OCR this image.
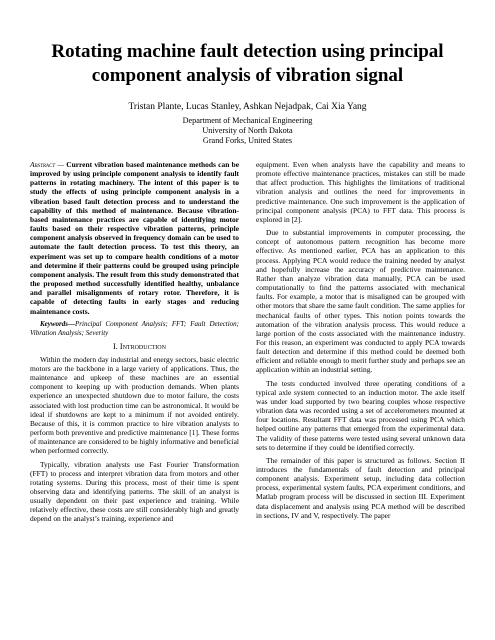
Rotating machine fault detection using principal component analysis of vibration signal
Tristan Plante, Lucas Stanley, Ashkan Nejadpak, Cai Xia Yang
Department of Mechanical Engineering
University of North Dakota
Grand Forks, United States

Abstract — Current vibration based maintenance methods can be improved by using principle component analysis to identify fault patterns in rotating machinery. The intent of this paper is to study the effects of using principle component analysis in a vibration based fault detection process and to understand the capability of this method of maintenance. Because vibration-based maintenance practices are capable of identifying motor faults based on their respective vibration patterns, principle component analysis observed in frequency domain can be used to automate the fault detection process. To test this theory, an experiment was set up to compare health conditions of a motor and determine if their patterns could be grouped using principle component analysis. The result from this study demonstrated that the proposed method successfully identified healthy, unbalance and parallel misalignments of rotary rotor. Therefore, it is capable of detecting faults in early stages and reducing maintenance costs.

Keywords—Principal Component Analysis; FFT; Fault Detection; Vibration Analysis; Severity

I. Introduction

Within the modern day industrial and energy sectors, basic electric motors are the backbone in a large variety of applications. Thus, the maintenance and upkeep of these machines are an essential component to keeping up with production demands. When plants experience an unexpected shutdown due to motor failure, the costs associated with lost production time can be astronomical. It would be ideal if shutdowns are kept to a minimum if not avoided entirely. Because of this, it is common practice to hire vibration analysts to perform both preventive and predictive maintenance [1]. These forms of maintenance are considered to be highly informative and beneficial when performed correctly.

Typically, vibration analysts use Fast Fourier Transformation (FFT) to process and interpret vibration data from motors and other rotating systems. During this process, most of their time is spent observing data and identifying patterns. The skill of an analyst is usually dependent on their past experience and training. While relatively effective, these costs are still considerably high and greatly depend on the analyst’s training, experience and

equipment. Even when analysts have the capability and means to promote effective maintenance practices, mistakes can still be made that affect production. This highlights the limitations of traditional vibration analysis and outlines the need for improvements in predictive maintenance. One such improvement is the application of principal component analysis (PCA) to FFT data. This process is explored in [2].

Due to substantial improvements in computer processing, the concept of autonomous pattern recognition has become more effective. As mentioned earlier, PCA has an application to this process. Applying PCA would reduce the training needed by analyst and hopefully increase the accuracy of predictive maintenance. Rather than analyze vibration data manually, PCA can be used computationally to find the patterns associated with mechanical faults. For example, a motor that is misaligned can be grouped with other motors that share the same fault condition. The same applies for mechanical faults of other types. This notion points towards the automation of the vibration analysis process. This would reduce a large portion of the costs associated with the maintenance industry. For this reason, an experiment was conducted to apply PCA towards fault detection and determine if this method could be deemed both efficient and reliable enough to merit further study and perhaps see an application within an industrial setting.

The tests conducted involved three operating conditions of a typical axle system connected to an induction motor. The axle itself was under load supported by two bearing couples whose respective vibration data was recorded using a set of accelerometers mounted at four locations. Resultant FFT data was processed using PCA which helped outline any patterns that emerged from the experimental data. The validity of these patterns were tested using several unknown data sets to determine if they could be identified correctly.

The remainder of this paper is structured as follows. Section II introduces the fundamentals of fault detection and principal component analysis. Experiment setup, including data collection process, experimental system faults, PCA experiment conditions, and Matlab program process will be discussed in section III. Experiment data displacement and analysis using PCA method will be described in sections, IV and V, respectively. The paper
